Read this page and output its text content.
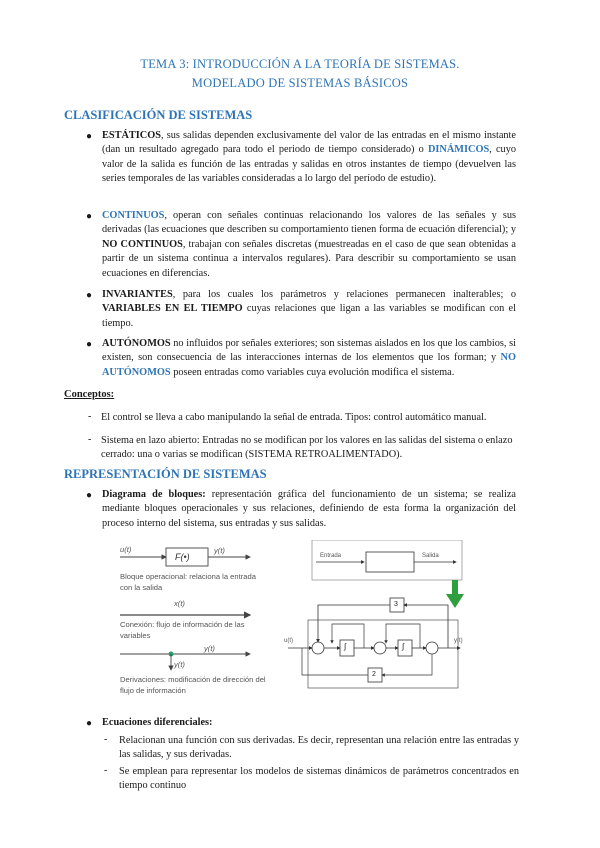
TEMA 3: INTRODUCCIÓN A LA TEORÍA DE SISTEMAS.
MODELADO DE SISTEMAS BÁSICOS
CLASIFICACIÓN DE SISTEMAS
● ESTÁTICOS, sus salidas dependen exclusivamente del valor de las entradas en el mismo instante (dan un resultado agregado para todo el periodo de tiempo considerado) o DINÁMICOS, cuyo valor de la salida es función de las entradas y salidas en otros instantes de tiempo (devuelven las series temporales de las variables consideradas a lo largo del período de estudio).
● CONTINUOS, operan con señales continuas relacionando los valores de las señales y sus derivadas (las ecuaciones que describen su comportamiento tienen forma de ecuación diferencial); y NO CONTINUOS, trabajan con señales discretas (muestreadas en el caso de que sean obtenidas a partir de un sistema continua a intervalos regulares). Para describir su comportamiento se usan ecuaciones en diferencias.
● INVARIANTES, para los cuales los parámetros y relaciones permanecen inalterables; o VARIABLES EN EL TIEMPO cuyas relaciones que ligan a las variables se modifican con el tiempo.
● AUTÓNOMOS no influidos por señales exteriores; son sistemas aislados en los que los cambios, si existen, son consecuencia de las interacciones internas de los elementos que los forman; y NO AUTÓNOMOS poseen entradas como variables cuya evolución modifica el sistema.
Conceptos:
- El control se lleva a cabo manipulando la señal de entrada. Tipos: control automático manual.
- Sistema en lazo abierto: Entradas no se modifican por los valores en las salidas del sistema o enlazo cerrado: una o varias se modifican (SISTEMA RETROALIMENTADO).
REPRESENTACIÓN DE SISTEMAS
● Diagrama de bloques: representación gráfica del funcionamiento de un sistema; se realiza mediante bloques operacionales y sus relaciones, definiendo de esta forma la organización del proceso interno del sistema, sus entradas y sus salidas.
u(t)
F(•)
y(t)
Bloque operacional: relaciona la entrada con la salida
x(t)
Conexión: flujo de información de las variables
y(t)
y(t)
Derivaciones: modificación de dirección del flujo de información
Entrada	Salida
u(t)	y(t)
3
2
∫	∫
● Ecuaciones diferenciales:
- Relacionan una función con sus derivadas. Es decir, representan una relación entre las entradas y las salidas, y sus derivadas.
- Se emplean para representar los modelos de sistemas dinámicos de parámetros concentrados en tiempo continuo
